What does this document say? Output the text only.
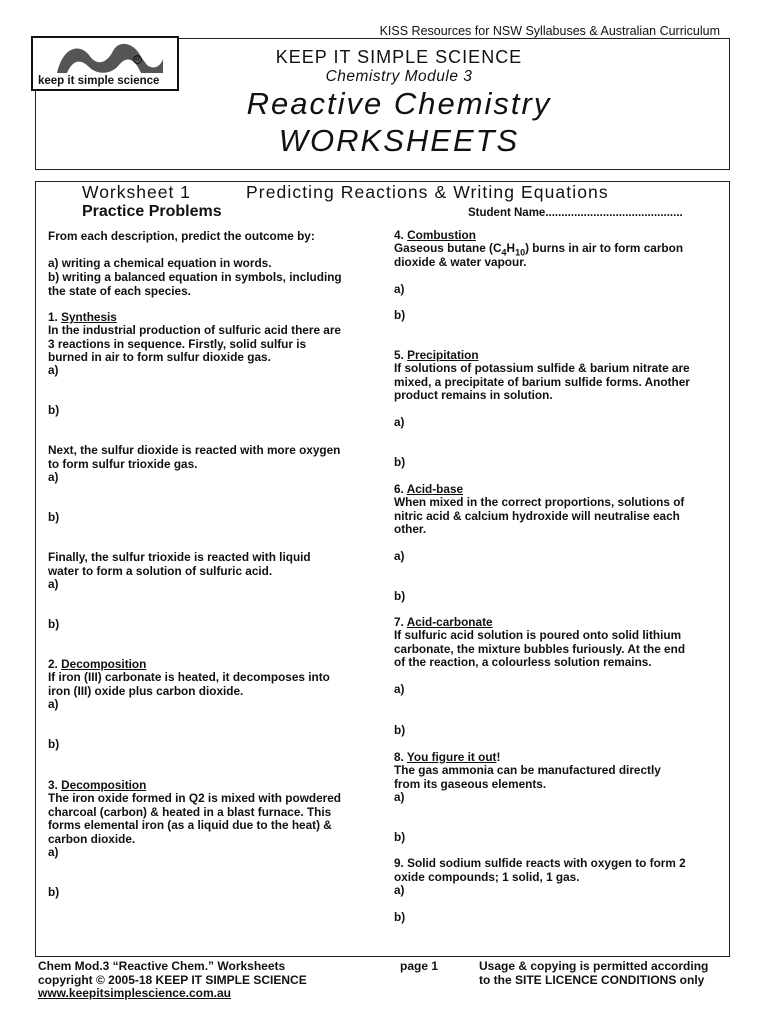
KISS Resources for NSW Syllabuses & Australian Curriculum
R
keep it simple science
KEEP IT SIMPLE SCIENCE
Chemistry Module 3
Reactive Chemistry
WORKSHEETS
Worksheet 1	Predicting Reactions & Writing Equations
Practice Problems	Student Name...........................................
From each description, predict the outcome by:
a) writing a chemical equation in words.
b) writing a balanced equation in symbols, including
the state of each species.
1. Synthesis
In the industrial production of sulfuric acid there are
3 reactions in sequence. Firstly, solid sulfur is
burned in air to form sulfur dioxide gas.
a)
b)
Next, the sulfur dioxide is reacted with more oxygen
to form sulfur trioxide gas.
a)
b)
Finally, the sulfur trioxide is reacted with liquid
water to form a solution of sulfuric acid.
a)
b)
2. Decomposition
If iron (III) carbonate is heated, it decomposes into
iron (III) oxide plus carbon dioxide.
a)
b)
3. Decomposition
The iron oxide formed in Q2 is mixed with powdered
charcoal (carbon) & heated in a blast furnace. This
forms elemental iron (as a liquid due to the heat) &
carbon dioxide.
a)
b)
4. Combustion
Gaseous butane $(C_4H_{10})$ burns in air to form carbon
dioxide & water vapour.
a)
b)
5. Precipitation
If solutions of potassium sulfide & barium nitrate are
mixed, a precipitate of barium sulfide forms. Another
product remains in solution.
a)
b)
6. Acid-base
When mixed in the correct proportions, solutions of
nitric acid & calcium hydroxide will neutralise each
other.
a)
b)
7. Acid-carbonate
If sulfuric acid solution is poured onto solid lithium
carbonate, the mixture bubbles furiously. At the end
of the reaction, a colourless solution remains.
a)
b)
8. You figure it out!
The gas ammonia can be manufactured directly
from its gaseous elements.
a)
b)
9. Solid sodium sulfide reacts with oxygen to form 2
oxide compounds; 1 solid, 1 gas.
a)
b)
Chem Mod.3 “Reactive Chem.” Worksheets
copyright © 2005-18 KEEP IT SIMPLE SCIENCE
www.keepitsimplescience.com.au
page 1	Usage & copying is permitted according
to the SITE LICENCE CONDITIONS only
